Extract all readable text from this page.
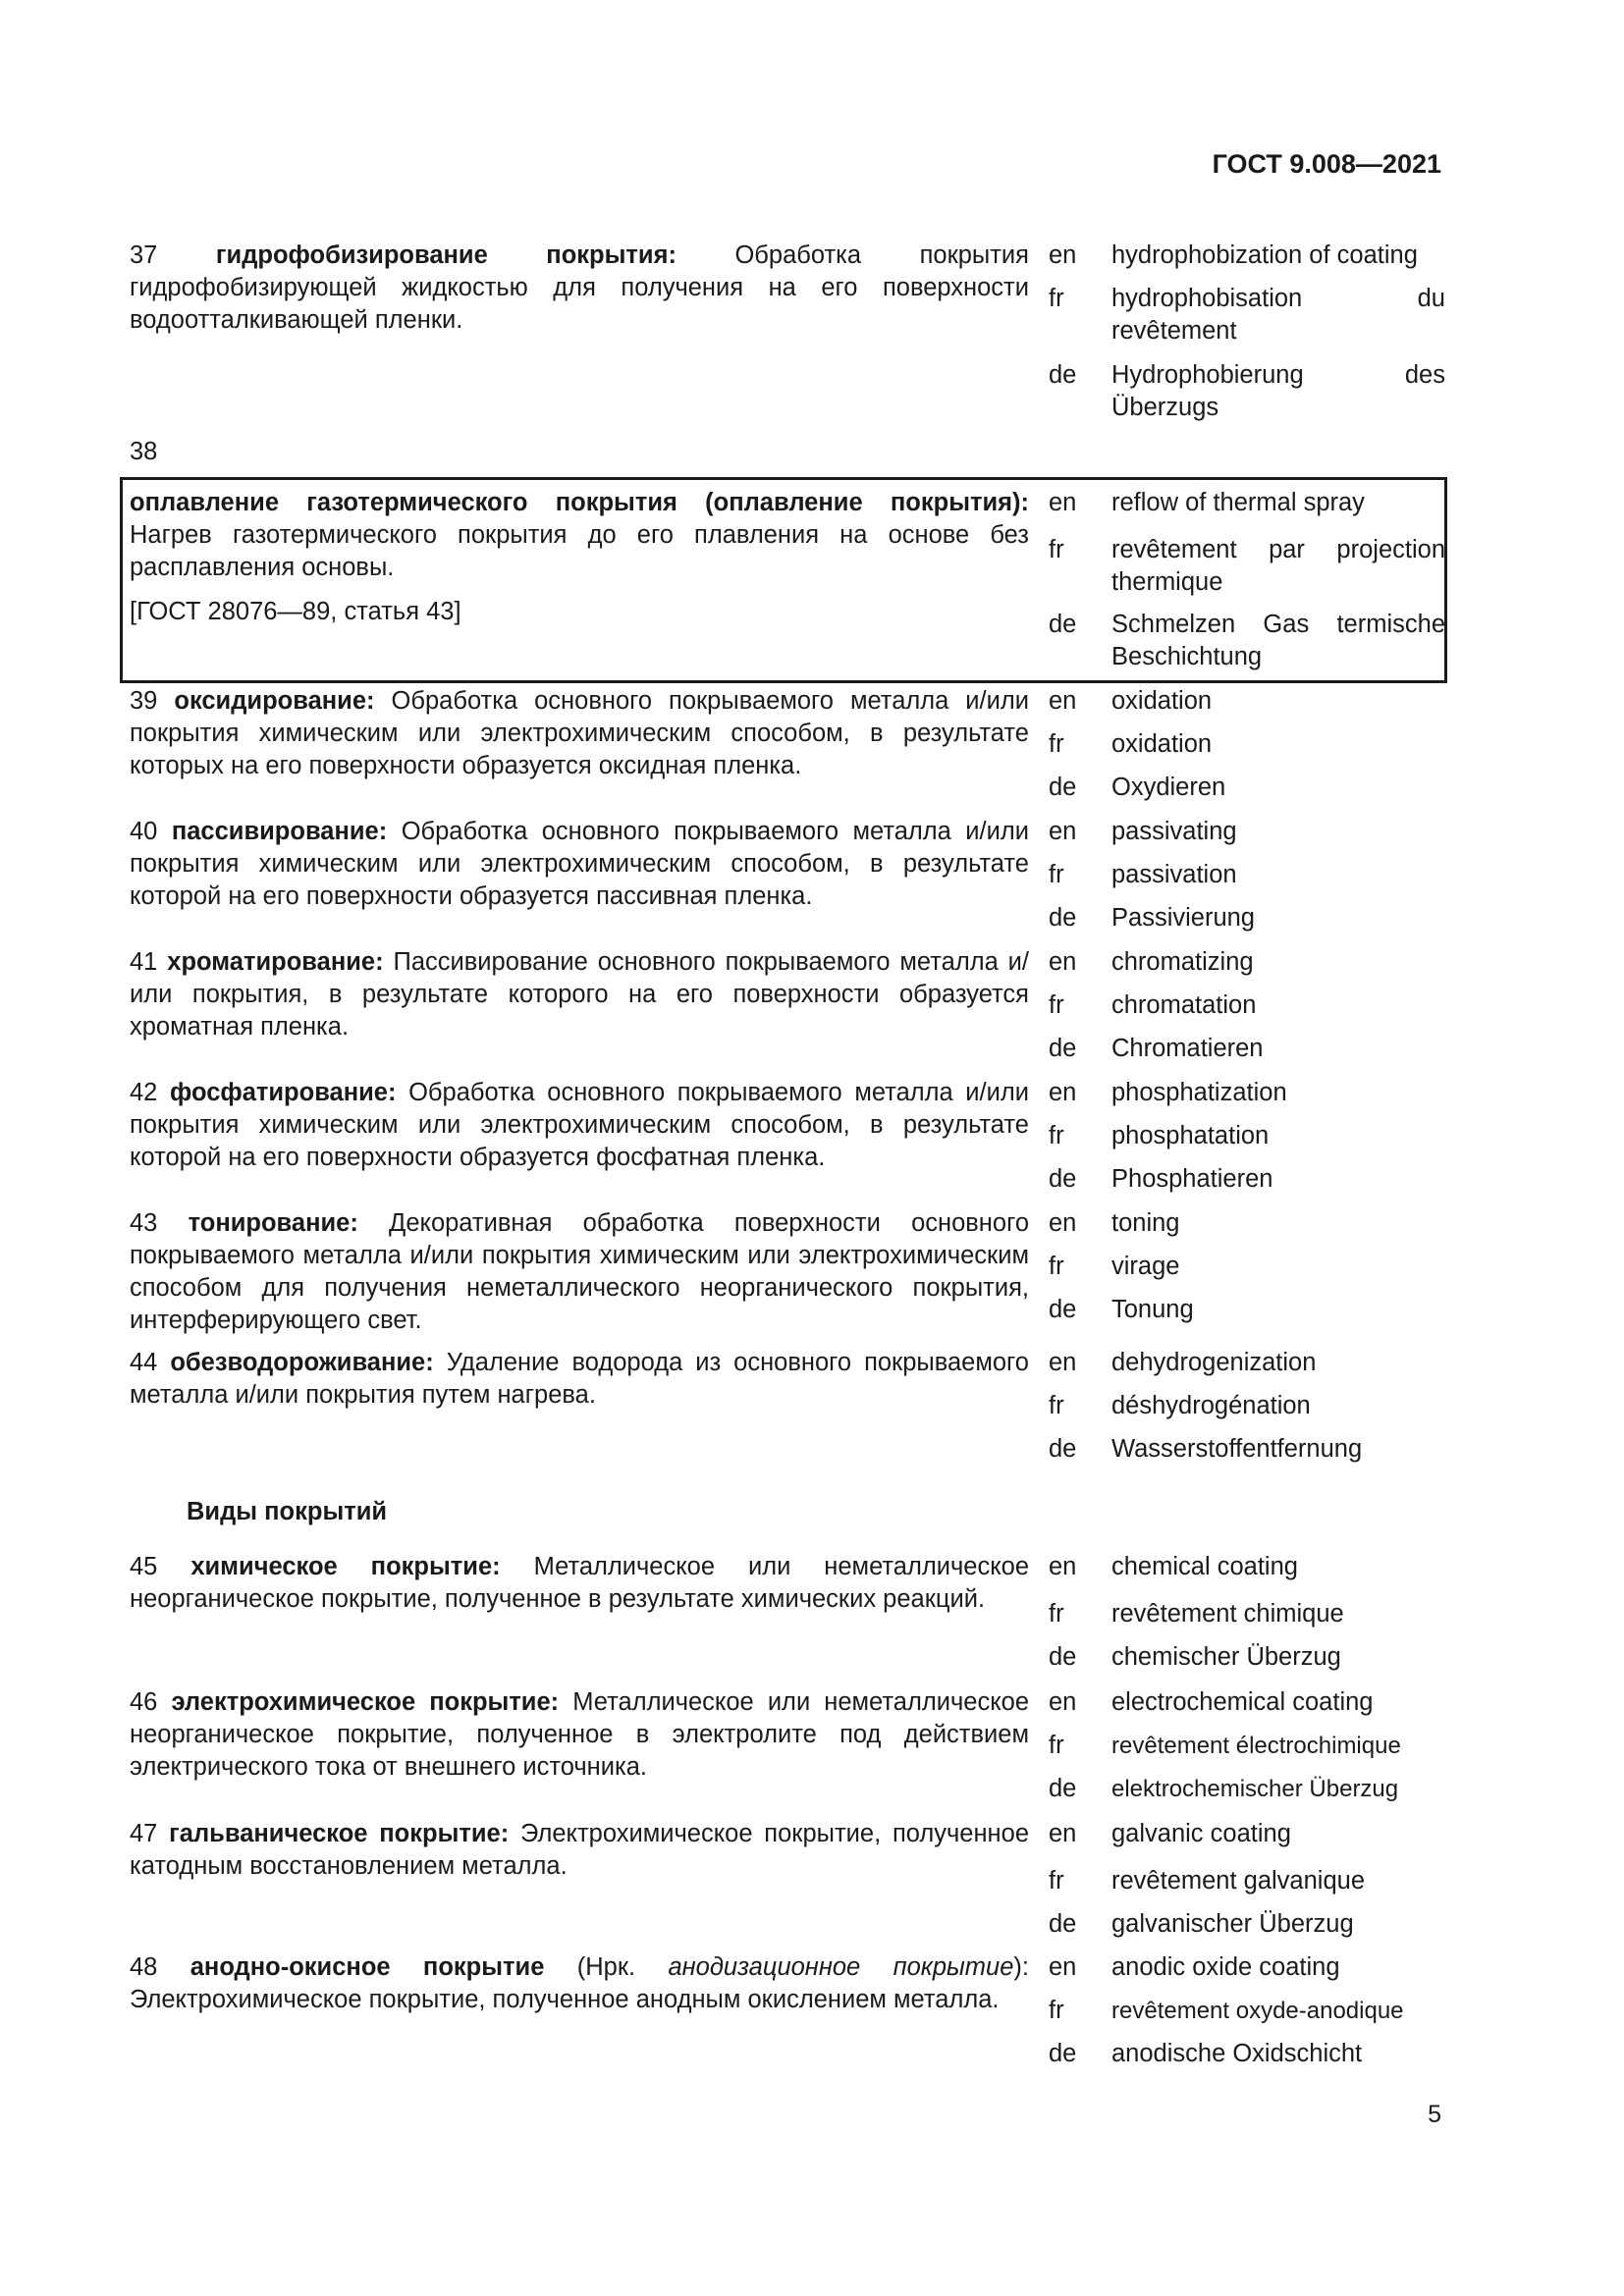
ГОСТ 9.008—2021

37 гидрофобизирование покрытия: Обработка покрытия гидрофобизирующей жидкостью для получения на его поверхности водоотталкивающей пленки.

en	hydrophobization of coating
fr	hydrophobisation du revêtement
de	Hydrophobierung des Überzugs
38

оплавление газотермического покрытия (оплавление покрытия): Нагрев газотермического покрытия до его плавления на основе без расплавления основы.

[ГОСТ 28076—89, статья 43]

en	reflow of thermal spray
fr	revêtement par projection thermique
de	Schmelzen Gas termische Beschichtung

39 оксидирование: Обработка основного покрываемого металла и/или покрытия химическим или электрохимическим способом, в результате которых на его поверхности образуется оксидная пленка.

en	oxidation
fr	oxidation
de	Oxydieren

40 пассивирование: Обработка основного покрываемого металла и/или покрытия химическим или электрохимическим способом, в результате которой на его поверхности образуется пассивная пленка.

en	passivating
fr	passivation
de	Passivierung

41 хроматирование: Пассивирование основного покрываемого металла и/или покрытия, в результате которого на его поверхности образуется хроматная пленка.

en	chromatizing
fr	chromatation
de	Chromatieren

42 фосфатирование: Обработка основного покрываемого металла и/или покрытия химическим или электрохимическим способом, в результате которой на его поверхности образуется фосфатная пленка.

en	phosphatization
fr	phosphatation
de	Phosphatieren

43 тонирование: Декоративная обработка поверхности основного покрываемого металла и/или покрытия химическим или электрохимическим способом для получения неметаллического неорганического покрытия, интерферирующего свет.

en	toning
fr	virage
de	Tonung

44 обезводороживание: Удаление водорода из основного покрываемого металла и/или покрытия путем нагрева.

en	dehydrogenization
fr	déshydrogénation
de	Wasserstoffentfernung
Виды покрытий

45 химическое покрытие: Металлическое или неметаллическое неорганическое покрытие, полученное в результате химических реакций.

en	chemical coating
fr	revêtement chimique
de	chemischer Überzug

46 электрохимическое покрытие: Металлическое или неметаллическое неорганическое покрытие, полученное в электролите под действием электрического тока от внешнего источника.

en	electrochemical coating
fr	revêtement électrochimique
de	elektrochemischer Überzug

47 гальваническое покрытие: Электрохимическое покрытие, полученное катодным восстановлением металла.

en	galvanic coating
fr	revêtement galvanique
de	galvanischer Überzug

48 анодно-окисное покрытие (Нрк. анодизационное покрытие): Электрохимическое покрытие, полученное анодным окислением металла.

en	anodic oxide coating
fr	revêtement oxyde-anodique
de	anodische Oxidschicht
5
